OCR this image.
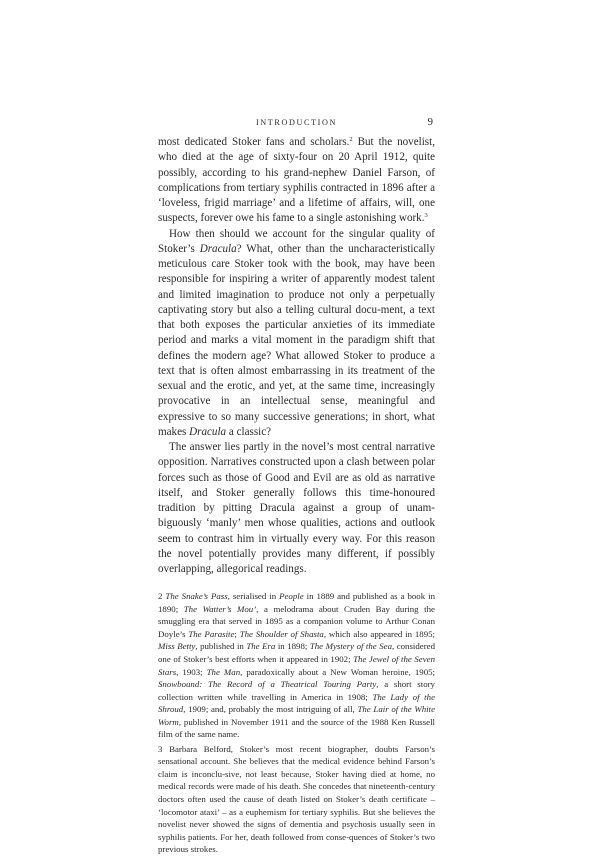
INTRODUCTION	9

most dedicated Stoker fans and scholars.$^2$ But the novelist, who died at the age of sixty-four on 20 April 1912, quite possibly, according to his grand-nephew Daniel Farson, of complications from tertiary syphilis contracted in 1896 after a ‘loveless, frigid marriage’ and a lifetime of affairs, will, one suspects, forever owe his fame to a single astonishing work.$^3$

How then should we account for the singular quality of Stoker’s Dracula? What, other than the uncharacteristically meticulous care Stoker took with the book, may have been responsible for inspiring a writer of apparently modest talent and limited imagination to produce not only a perpetually captivating story but also a telling cultural docu-ment, a text that both exposes the particular anxieties of its immediate period and marks a vital moment in the paradigm shift that defines the modern age? What allowed Stoker to produce a text that is often almost embarrassing in its treatment of the sexual and the erotic, and yet, at the same time, increasingly provocative in an intellectual sense, meaningful and expressive to so many successive generations; in short, what makes Dracula a classic?

The answer lies partly in the novel’s most central narrative opposition. Narratives constructed upon a clash between polar forces such as those of Good and Evil are as old as narrative itself, and Stoker generally follows this time-honoured tradition by pitting Dracula against a group of unam-biguously ‘manly’ men whose qualities, actions and outlook seem to contrast him in virtually every way. For this reason the novel potentially provides many different, if possibly overlapping, allegorical readings.

2 The Snake’s Pass, serialised in People in 1889 and published as a book in 1890; The Watter’s Mou’, a melodrama about Cruden Bay during the smuggling era that served in 1895 as a companion volume to Arthur Conan Doyle’s The Parasite; The Shoulder of Shasta, which also appeared in 1895; Miss Betty, published in The Era in 1898; The Mystery of the Sea, considered one of Stoker’s best efforts when it appeared in 1902; The Jewel of the Seven Stars, 1903; The Man, paradoxically about a New Woman heroine, 1905; Snowbound: The Record of a Theatrical Touring Party, a short story collection written while travelling in America in 1908; The Lady of the Shroud, 1909; and, probably the most intriguing of all, The Lair of the White Worm, published in November 1911 and the source of the 1988 Ken Russell film of the same name.

3 Barbara Belford, Stoker’s most recent biographer, doubts Farson’s sensational account. She believes that the medical evidence behind Farson’s claim is inconclu-sive, not least because, Stoker having died at home, no medical records were made of his death. She concedes that nineteenth-century doctors often used the cause of death listed on Stoker’s death certificate – ‘locomotor ataxi’ – as a euphemism for tertiary syphilis. But she believes the novelist never showed the signs of dementia and psychosis usually seen in syphilis patients. For her, death followed from conse-quences of Stoker’s two previous strokes.
